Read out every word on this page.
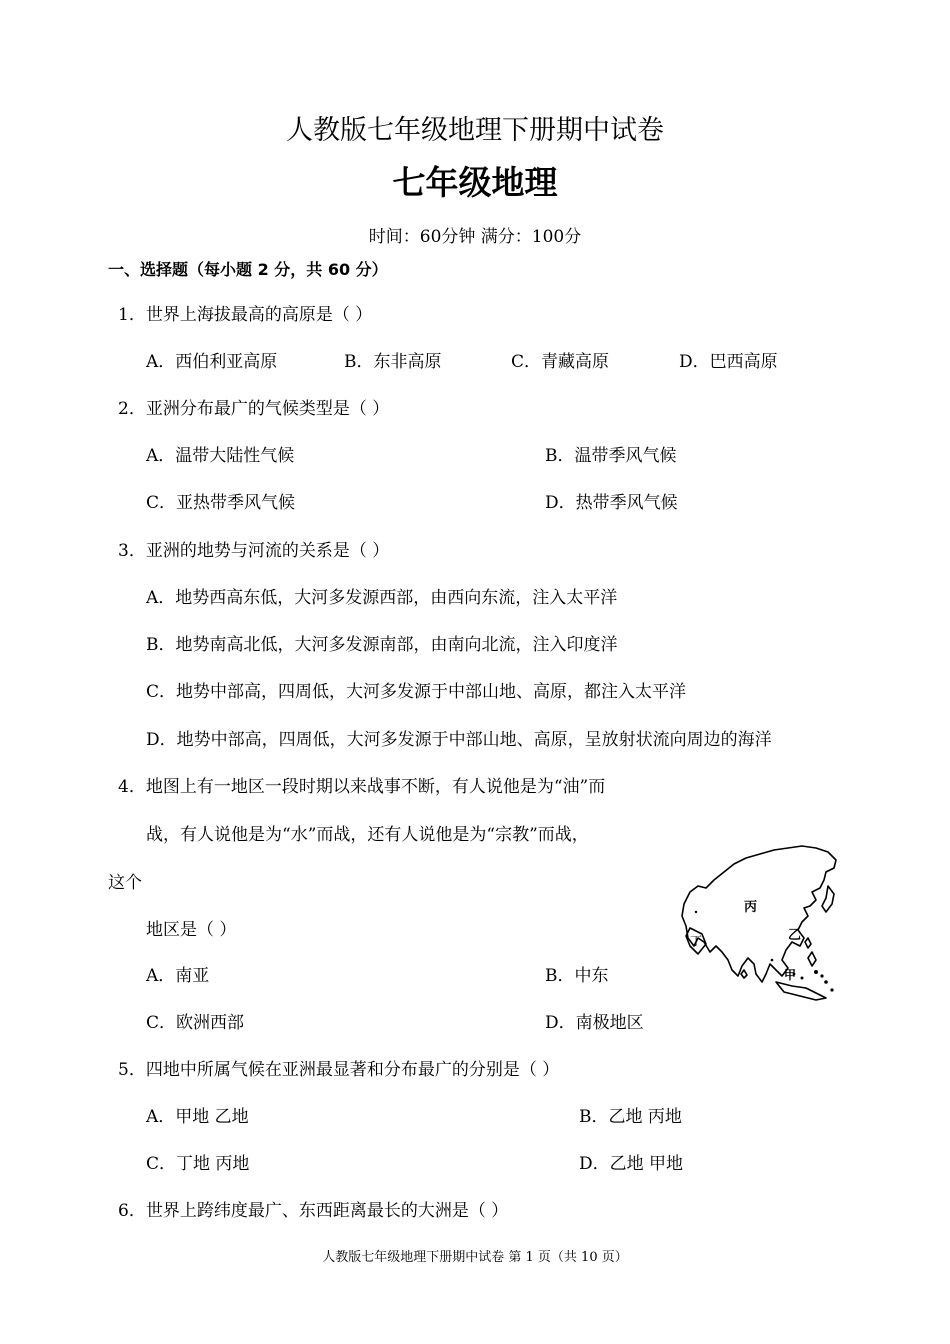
人教版七年级地理下册期中试卷
七年级地理
时间：60分钟 满分：100分
一、选择题（每小题 2 分，共 60 分）
1．世界上海拔最高的高原是（ ）
A．西伯利亚高原	B．东非高原	C．青藏高原	D．巴西高原
2．亚洲分布最广的气候类型是（ ）
A．温带大陆性气候	B．温带季风气候
C．亚热带季风气候	D．热带季风气候
3．亚洲的地势与河流的关系是（ ）
A．地势西高东低，大河多发源西部，由西向东流，注入太平洋
B．地势南高北低，大河多发源南部，由南向北流，注入印度洋
C．地势中部高，四周低，大河多发源于中部山地、高原，都注入太平洋
D．地势中部高，四周低，大河多发源于中部山地、高原，呈放射状流向周边的海洋
4．地图上有一地区一段时期以来战事不断，有人说他是为“油”而
战，有人说他是为“水”而战，还有人说他是为“宗教”而战，
这个
地区是（ ）
A．南亚	B．中东
C．欧洲西部	D．南极地区
丙
丁	乙
甲
5．四地中所属气候在亚洲最显著和分布最广的分别是（ ）
A．甲地 乙地	B．乙地 丙地
C．丁地 丙地	D．乙地 甲地
6．世界上跨纬度最广、东西距离最长的大洲是（ ）
人教版七年级地理下册期中试卷 第 1 页（共 10 页）
